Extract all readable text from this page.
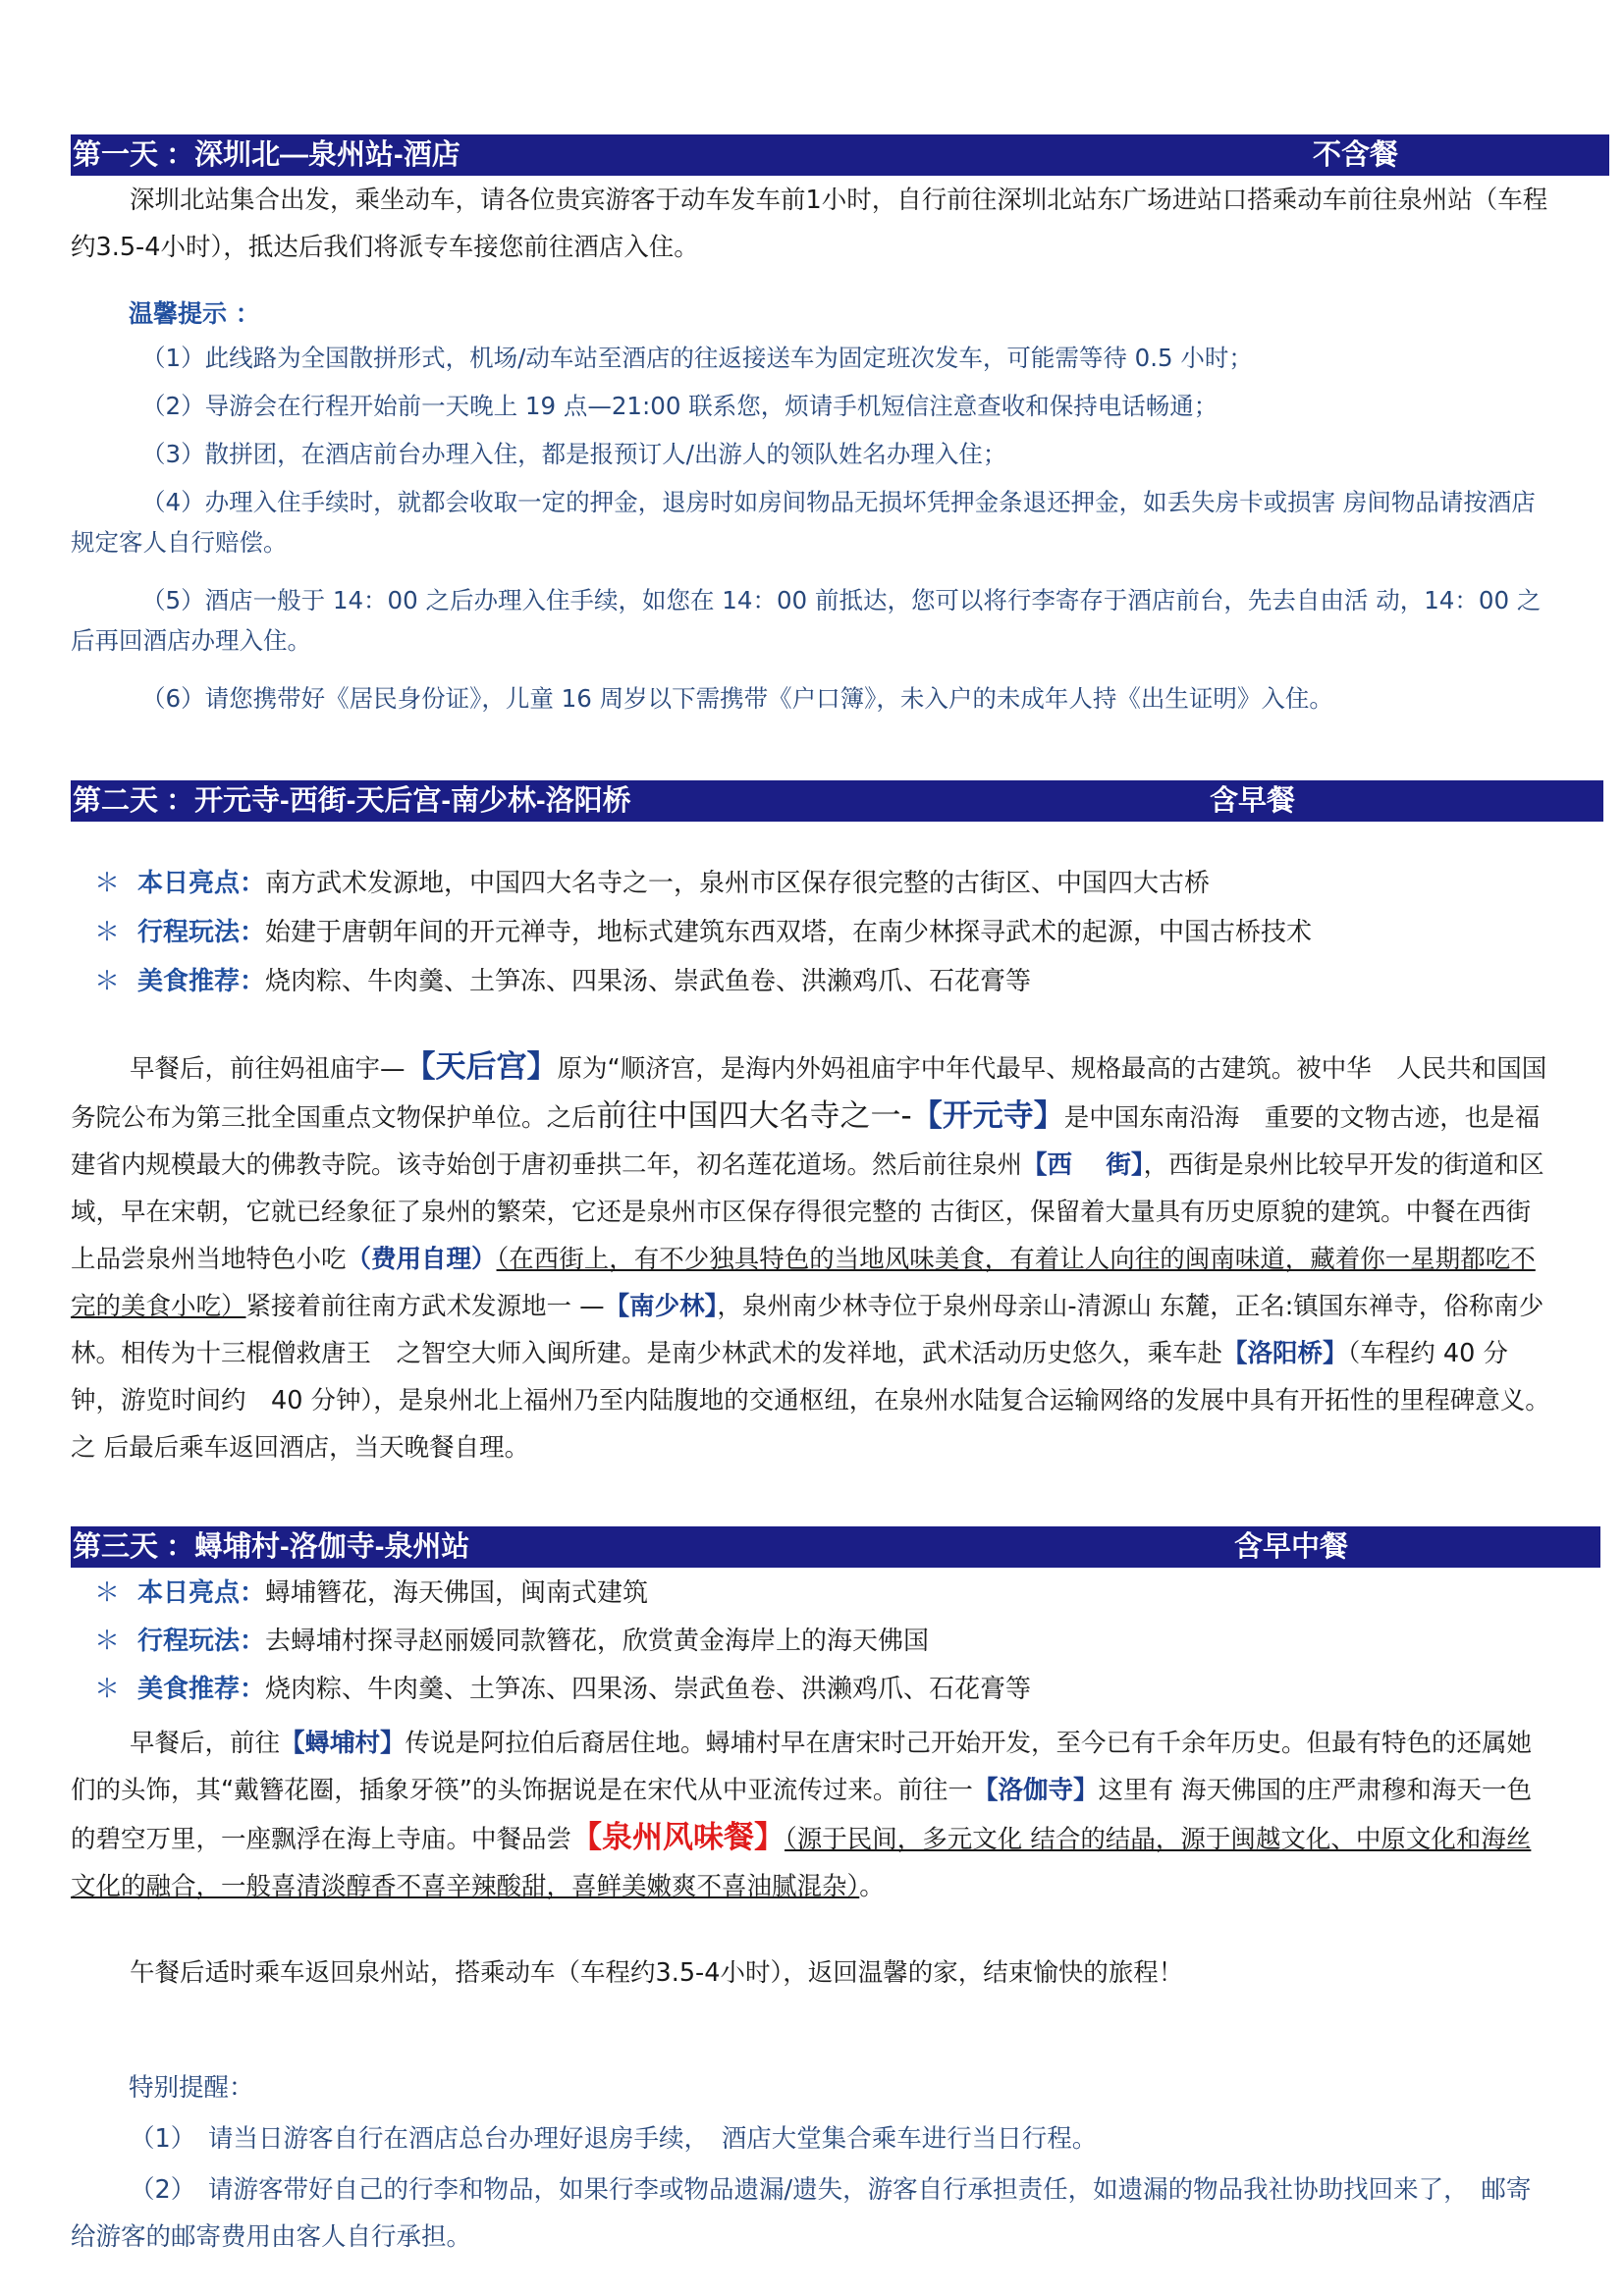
第一天 ：深圳北—泉州站-酒店	不含餐
深圳北站集合出发，乘坐动车，请各位贵宾游客于动车发车前1小时，自行前往深圳北站东广场进站口搭乘动车前往泉州站（车程约3.5-4小时），抵达后我们将派专车接您前往酒店入住。
温馨提示 ：
（1）此线路为全国散拼形式，机场/动车站至酒店的往返接送车为固定班次发车，可能需等待 0.5 小时；
（2）导游会在行程开始前一天晚上 19 点—21:00 联系您，烦请手机短信注意查收和保持电话畅通；
（3）散拼团，在酒店前台办理入住，都是报预订人/出游人的领队姓名办理入住；
（4）办理入住手续时，就都会收取一定的押金，退房时如房间物品无损坏凭押金条退还押金，如丢失房卡或损害 房间物品请按酒店规定客人自行赔偿。
（5）酒店一般于 14：00 之后办理入住手续，如您在 14：00 前抵达，您可以将行李寄存于酒店前台，先去自由活 动，14：00 之后再回酒店办理入住。
（6）请您携带好《居民身份证》，儿童 16 周岁以下需携带《户口簿》，未入户的未成年人持《出生证明》入住。
第二天 ：开元寺-西街-天后宫-南少林-洛阳桥	含早餐
＊ 本日亮点：南方武术发源地，中国四大名寺之一，泉州市区保存很完整的古街区、中国四大古桥
＊ 行程玩法：始建于唐朝年间的开元禅寺，地标式建筑东西双塔，在南少林探寻武术的起源，中国古桥技术
＊ 美食推荐：烧肉粽、牛肉羹、土笋冻、四果汤、崇武鱼卷、洪濑鸡爪、石花膏等
早餐后，前往妈祖庙宇—【天后宫】原为“顺济宫，是海内外妈祖庙宇中年代最早、规格最高的古建筑。被中华　人民共和国国务院公布为第三批全国重点文物保护单位。之后前往中国四大名寺之一-【开元寺】是中国东南沿海　重要的文物古迹，也是福建省内规模最大的佛教寺院。该寺始创于唐初垂拱二年，初名莲花道场。然后前往泉州【西　 街】，西街是泉州比较早开发的街道和区域，早在宋朝，它就已经象征了泉州的繁荣，它还是泉州市区保存得很完整的 古街区，保留着大量具有历史原貌的建筑。中餐在西街上品尝泉州当地特色小吃（费用自理）（在西街上，有不少独具特色的当地风味美食，有着让人向往的闽南味道，藏着你一星期都吃不完的美食小吃）紧接着前往南方武术发源地一 —【南少林】，泉州南少林寺位于泉州母亲山-清源山 东麓，正名:镇国东禅寺，俗称南少林。相传为十三棍僧救唐王　之智空大师入闽所建。是南少林武术的发祥地，武术活动历史悠久，乘车赴【洛阳桥】（车程约 40 分钟，游览时间约　40 分钟），是泉州北上福州乃至内陆腹地的交通枢纽，在泉州水陆复合运输网络的发展中具有开拓性的里程碑意义。之 后最后乘车返回酒店，当天晚餐自理。
第三天 ：蟳埔村-洛伽寺-泉州站	含早中餐
＊ 本日亮点：蟳埔簪花，海天佛国，闽南式建筑
＊ 行程玩法：去蟳埔村探寻赵丽媛同款簪花，欣赏黄金海岸上的海天佛国
＊ 美食推荐：烧肉粽、牛肉羹、土笋冻、四果汤、崇武鱼卷、洪濑鸡爪、石花膏等
早餐后，前往【蟳埔村】传说是阿拉伯后裔居住地。蟳埔村早在唐宋时己开始开发，至今已有千余年历史。但最有特色的还属她们的头饰，其“戴簪花圈，插象牙筷”的头饰据说是在宋代从中亚流传过来。前往一【洛伽寺】这里有 海天佛国的庄严肃穆和海天一色的碧空万里，一座飘浮在海上寺庙。中餐品尝【泉州风味餐】（源于民间，多元文化 结合的结晶，源于闽越文化、中原文化和海丝文化的融合，一般喜清淡醇香不喜辛辣酸甜，喜鲜美嫩爽不喜油腻混杂）。
午餐后适时乘车返回泉州站，搭乘动车（车程约3.5-4小时），返回温馨的家，结束愉快的旅程！
特别提醒：
（1）　请当日游客自行在酒店总台办理好退房手续，　酒店大堂集合乘车进行当日行程。
（2）　请游客带好自己的行李和物品，如果行李或物品遗漏/遗失，游客自行承担责任，如遗漏的物品我社协助找回来了，　邮寄给游客的邮寄费用由客人自行承担。
